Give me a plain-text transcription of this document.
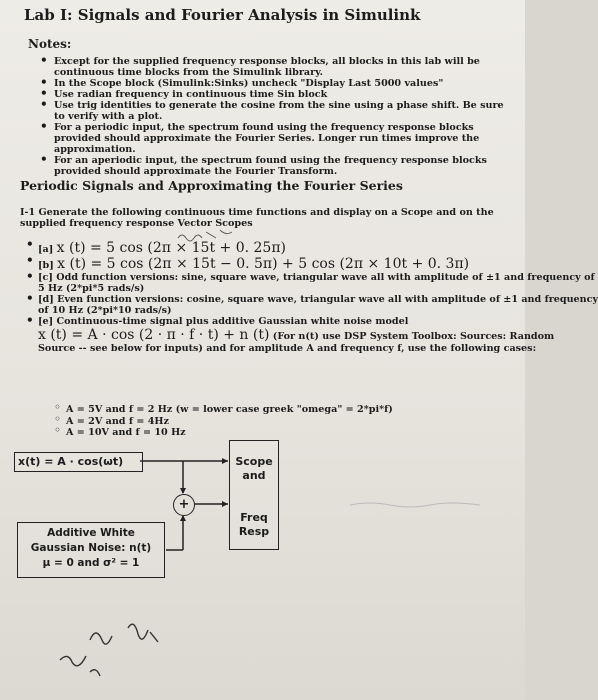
Lab I: Signals and Fourier Analysis in Simulink
Notes:
• Except for the supplied frequency response blocks, all blocks in this lab will be continuous time blocks from the Simulink library.
• In the Scope block (Simulink:Sinks) uncheck "Display Last 5000 values"
• Use radian frequency in continuous time Sin block
• Use trig identities to generate the cosine from the sine using a phase shift. Be sure to verify with a plot.
• For a periodic input, the spectrum found using the frequency response blocks provided should approximate the Fourier Series. Longer run times improve the approximation.
• For an aperiodic input, the spectrum found using the frequency response blocks provided should approximate the Fourier Transform.
Periodic Signals and Approximating the Fourier Series
I-1 Generate the following continuous time functions and display on a Scope and on the supplied frequency response Vector Scopes
• [a] x (t) = 5 cos (2π × 15t + 0. 25π)
• [b] x (t) = 5 cos (2π × 15t − 0. 5π) + 5 cos (2π × 10t + 0. 3π)
• [c] Odd function versions: sine, square wave, triangular wave all with amplitude of ±1 and frequency of
5 Hz (2*pi*5 rads/s)
• [d] Even function versions: cosine, square wave, triangular wave all with amplitude of ±1 and frequency
of 10 Hz (2*pi*10 rads/s)
• [e] Continuous-time signal plus additive Gaussian white noise model
x (t) = A · cos (2 · π · f · t) + n (t) (For n(t) use DSP System Toolbox: Sources: Random
Source -- see below for inputs) and for amplitude A and frequency f, use the following cases:
◦ A = 5V and f = 2 Hz (w = lower case greek "omega" = 2*pi*f)
◦ A = 2V and f = 4Hz
◦ A = 10V and f = 10 Hz
x(t) = A · cos(ωt)
+
Scope
and
Freq
Resp
Additive White
Gaussian Noise: n(t)
μ = 0 and σ² = 1
